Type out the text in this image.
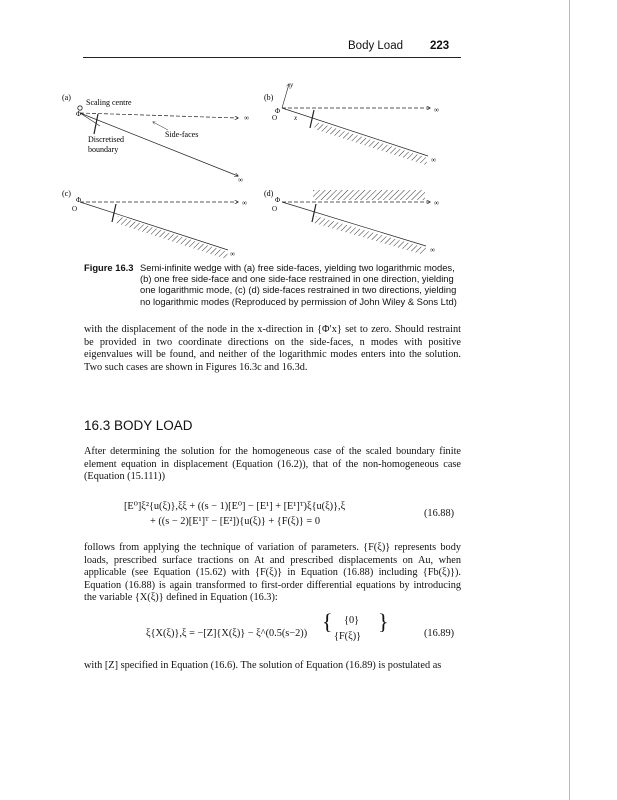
Body Load 223
(a)
Scaling centre
Φ
Side-faces
Discretised
boundary
∞
∞
(b)
y
Φ
O x
∞
∞
(c)
Φ
O
∞
∞
(d)
Φ
O
∞
∞
Figure 16.3 Semi-infinite wedge with (a) free side-faces, yielding two logarithmic modes, (b) one free side-face and one side-face restrained in one direction, yielding one logarithmic mode, (c) (d) side-faces restrained in two directions, yielding no logarithmic modes (Reproduced by permission of John Wiley & Sons Ltd)

with the displacement of the node in the x-direction in {Φ′x} set to zero. Should restraint be provided in two coordinate directions on the side-faces, n modes with positive eigenvalues will be found, and neither of the logarithmic modes enters into the solution. Two such cases are shown in Figures 16.3c and 16.3d.

16.3 BODY LOAD

After determining the solution for the homogeneous case of the scaled boundary finite element equation in displacement (Equation (16.2)), that of the non-homogeneous case (Equation (15.111))

[E⁰]ξ²{u(ξ)},ξξ + ((s − 1)[E⁰] − [E¹] + [E¹]ᵀ)ξ{u(ξ)},ξ
+ ((s − 2)[E¹]ᵀ − [E²]){u(ξ)} + {F(ξ)} = 0
(16.88)

follows from applying the technique of variation of parameters. {F(ξ)} represents body loads, prescribed surface tractions on At and prescribed displacements on Au, when applicable (see Equation (15.62) with {F(ξ)} in Equation (16.88) including {Fb(ξ)}). Equation (16.88) is again transformed to first-order differential equations by introducing the variable {X(ξ)} defined in Equation (16.3):

ξ{X(ξ)},ξ = −[Z]{X(ξ)} − ξ^(0.5(s−2)) { {0}
{F(ξ)}
}	(16.89)

with [Z] specified in Equation (16.6). The solution of Equation (16.89) is postulated as
